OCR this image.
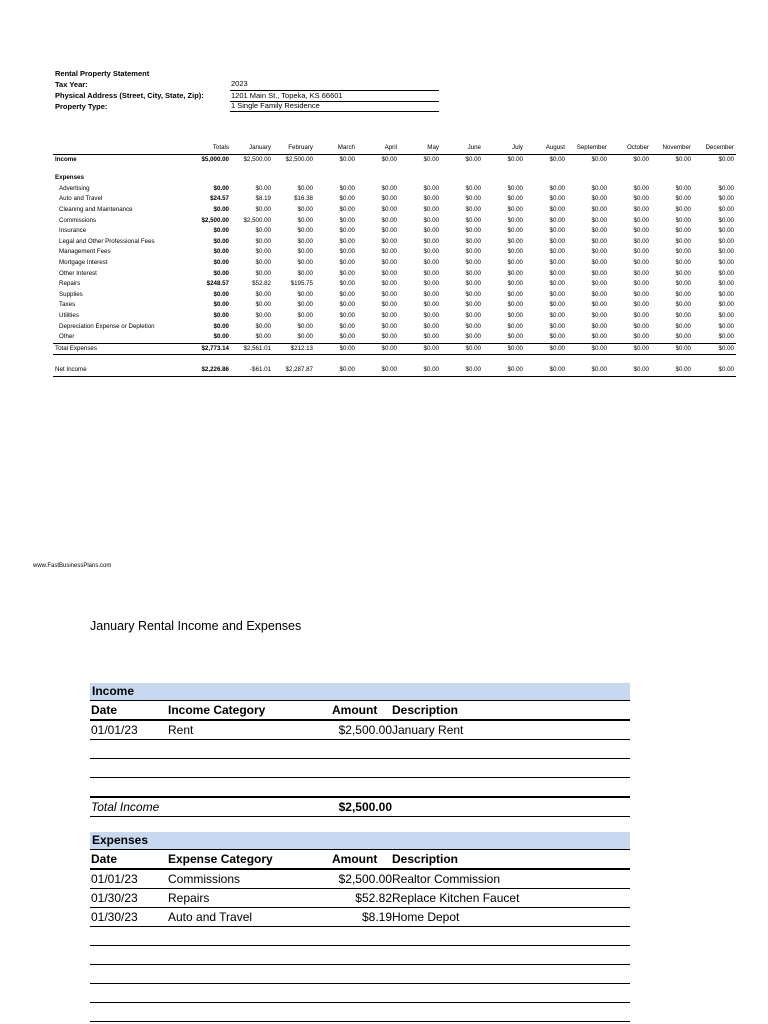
Rental Property Statement
Tax Year:	2023
Physical Address (Street, City, State, Zip):	1201 Main St., Topeka, KS 66601
Property Type:	1 Single Family Residence
	Totals	January	February	March	April	May	June	July	August	September	October	November	December
Income	$5,000.00	$2,500.00	$2,500.00	$0.00	$0.00	$0.00	$0.00	$0.00	$0.00	$0.00	$0.00	$0.00	$0.00

Expenses													
Advertising	$0.00	$0.00	$0.00	$0.00	$0.00	$0.00	$0.00	$0.00	$0.00	$0.00	$0.00	$0.00	$0.00
Auto and Travel	$24.57	$8.19	$16.38	$0.00	$0.00	$0.00	$0.00	$0.00	$0.00	$0.00	$0.00	$0.00	$0.00
Cleaning and Maintenance	$0.00	$0.00	$0.00	$0.00	$0.00	$0.00	$0.00	$0.00	$0.00	$0.00	$0.00	$0.00	$0.00
Commissions	$2,500.00	$2,500.00	$0.00	$0.00	$0.00	$0.00	$0.00	$0.00	$0.00	$0.00	$0.00	$0.00	$0.00
Insurance	$0.00	$0.00	$0.00	$0.00	$0.00	$0.00	$0.00	$0.00	$0.00	$0.00	$0.00	$0.00	$0.00
Legal and Other Professional Fees	$0.00	$0.00	$0.00	$0.00	$0.00	$0.00	$0.00	$0.00	$0.00	$0.00	$0.00	$0.00	$0.00
Management Fees	$0.00	$0.00	$0.00	$0.00	$0.00	$0.00	$0.00	$0.00	$0.00	$0.00	$0.00	$0.00	$0.00
Mortgage Interest	$0.00	$0.00	$0.00	$0.00	$0.00	$0.00	$0.00	$0.00	$0.00	$0.00	$0.00	$0.00	$0.00
Other Interest	$0.00	$0.00	$0.00	$0.00	$0.00	$0.00	$0.00	$0.00	$0.00	$0.00	$0.00	$0.00	$0.00
Repairs	$248.57	$52.82	$195.75	$0.00	$0.00	$0.00	$0.00	$0.00	$0.00	$0.00	$0.00	$0.00	$0.00
Supplies	$0.00	$0.00	$0.00	$0.00	$0.00	$0.00	$0.00	$0.00	$0.00	$0.00	$0.00	$0.00	$0.00
Taxes	$0.00	$0.00	$0.00	$0.00	$0.00	$0.00	$0.00	$0.00	$0.00	$0.00	$0.00	$0.00	$0.00
Utilities	$0.00	$0.00	$0.00	$0.00	$0.00	$0.00	$0.00	$0.00	$0.00	$0.00	$0.00	$0.00	$0.00
Depreciation Expense or Depletion	$0.00	$0.00	$0.00	$0.00	$0.00	$0.00	$0.00	$0.00	$0.00	$0.00	$0.00	$0.00	$0.00
Other	$0.00	$0.00	$0.00	$0.00	$0.00	$0.00	$0.00	$0.00	$0.00	$0.00	$0.00	$0.00	$0.00
Total Expenses	$2,773.14	$2,561.01	$212.13	$0.00	$0.00	$0.00	$0.00	$0.00	$0.00	$0.00	$0.00	$0.00	$0.00

Net Income	$2,226.86	-$61.01	$2,287.87	$0.00	$0.00	$0.00	$0.00	$0.00	$0.00	$0.00	$0.00	$0.00	$0.00
www.FastBusinessPlans.com
January Rental Income and Expenses
Income
Date	Income Category	Amount Description
01/01/23	Rent	$2,500.00 January Rent
Total Income	$2,500.00
Expenses
Date	Expense Category	Amount Description
01/01/23	Commissions	$2,500.00 Realtor Commission
01/30/23	Repairs	$52.82 Replace Kitchen Faucet
01/30/23	Auto and Travel	$8.19 Home Depot
